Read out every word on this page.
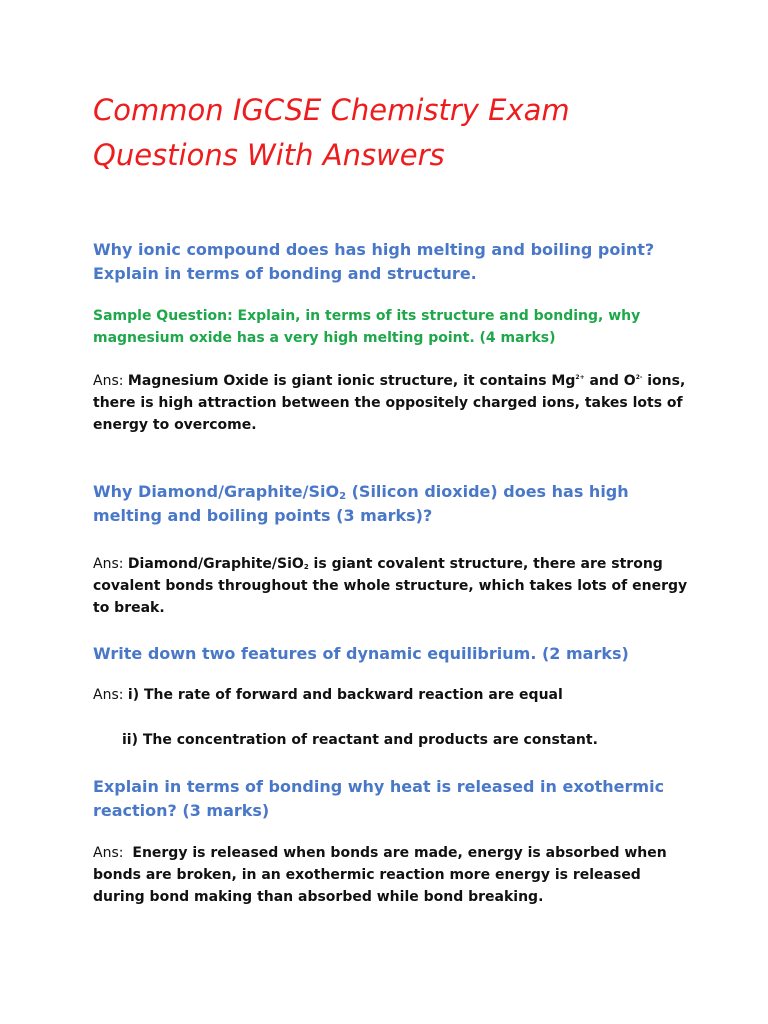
Common IGCSE Chemistry Exam
Questions With Answers

Why ionic compound does has high melting and boiling point? Explain in terms of bonding and structure.

Sample Question: Explain, in terms of its structure and bonding, why magnesium oxide has a very high melting point. (4 marks)

Ans: Magnesium Oxide is giant ionic structure, it contains $Mg^{2+}$ and $O^{2-}$ ions, there is high attraction between the oppositely charged ions, takes lots of energy to overcome.

Why Diamond/Graphite/SiO$_2$ (Silicon dioxide) does has high melting and boiling points (3 marks)?

Ans: Diamond/Graphite/SiO$_2$ is giant covalent structure, there are strong covalent bonds throughout the whole structure, which takes lots of energy to break.

Write down two features of dynamic equilibrium. (2 marks)

Ans: i) The rate of forward and backward reaction are equal

ii) The concentration of reactant and products are constant.

Explain in terms of bonding why heat is released in exothermic reaction? (3 marks)

Ans: Energy is released when bonds are made, energy is absorbed when bonds are broken, in an exothermic reaction more energy is released during bond making than absorbed while bond breaking.
